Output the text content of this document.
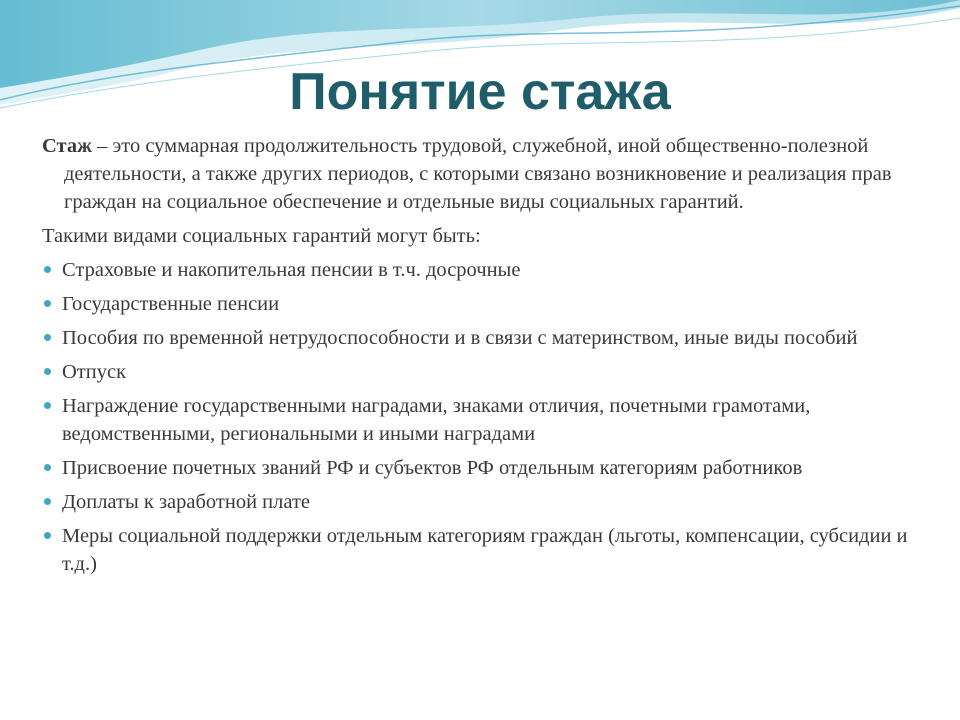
Понятие стажа

Стаж – это суммарная продолжительность трудовой, служебной, иной общественно-полезной деятельности, а также других периодов, с которыми связано возникновение и реализация прав граждан на социальное обеспечение и отдельные виды социальных гарантий.

Такими видами социальных гарантий могут быть:

Страховые и накопительная пенсии в т.ч. досрочные
Государственные пенсии
Пособия по временной нетрудоспособности и в связи с материнством, иные виды пособий
Отпуск
Награждение государственными наградами, знаками отличия, почетными грамотами, ведомственными, региональными и иными наградами
Присвоение почетных званий РФ и субъектов РФ отдельным категориям работников
Доплаты к заработной плате
Меры социальной поддержки отдельным категориям граждан (льготы, компенсации, субсидии и т.д.)
